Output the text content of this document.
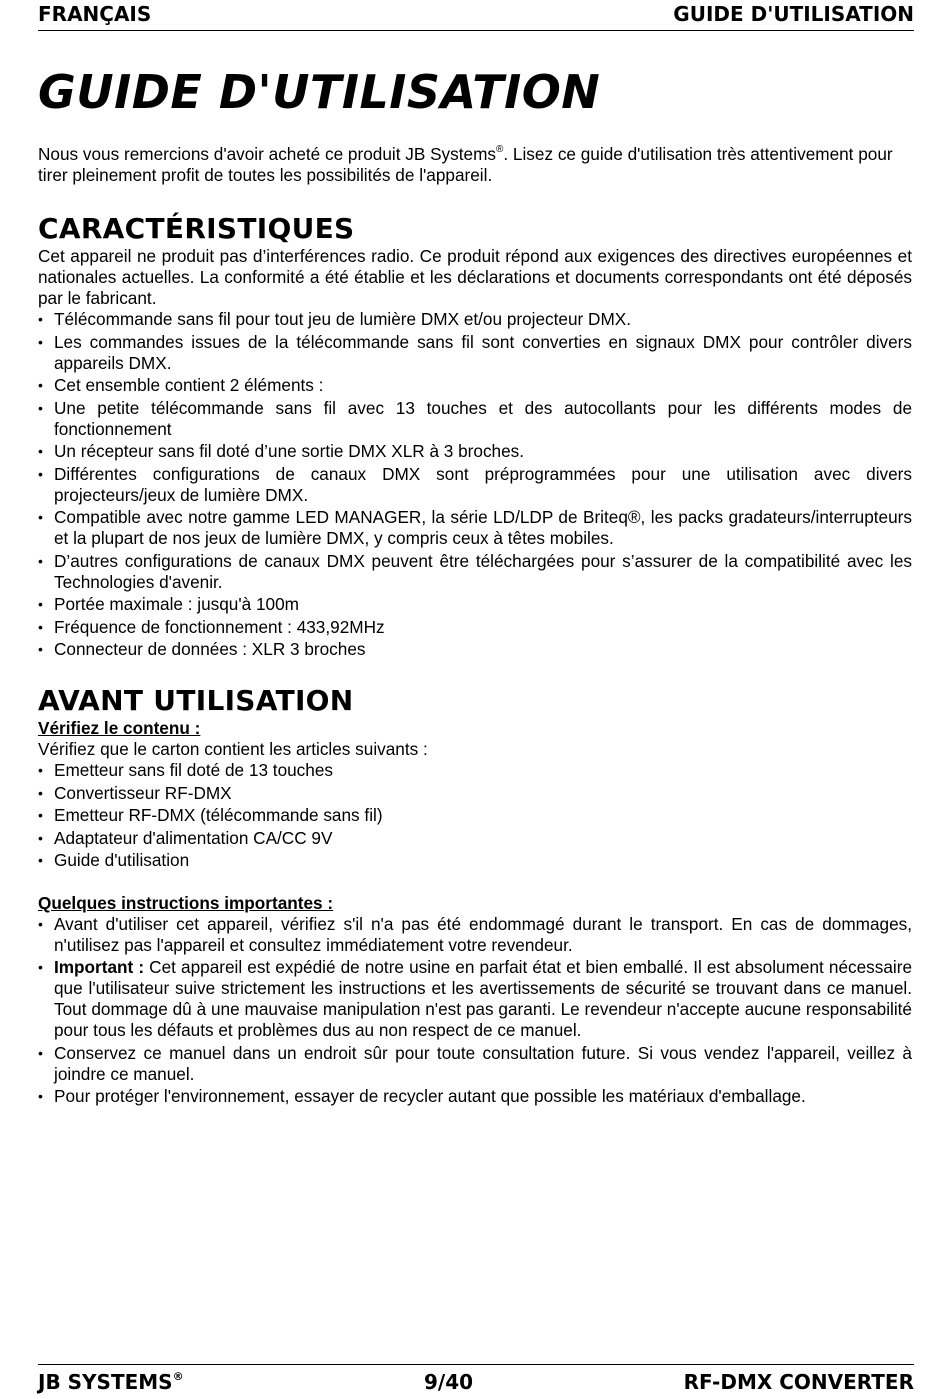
FRANÇAIS	GUIDE D'UTILISATION
GUIDE D'UTILISATION

Nous vous remercions d'avoir acheté ce produit JB Systems®. Lisez ce guide d'utilisation très attentivement pour tirer pleinement profit de toutes les possibilités de l'appareil.

CARACTÉRISTIQUES

Cet appareil ne produit pas d’interférences radio. Ce produit répond aux exigences des directives européennes et nationales actuelles. La conformité a été établie et les déclarations et documents correspondants ont été déposés par le fabricant.

• Télécommande sans fil pour tout jeu de lumière DMX et/ou projecteur DMX.
• Les commandes issues de la télécommande sans fil sont converties en signaux DMX pour contrôler divers appareils DMX.
• Cet ensemble contient 2 éléments :
• Une petite télécommande sans fil avec 13 touches et des autocollants pour les différents modes de fonctionnement
• Un récepteur sans fil doté d’une sortie DMX XLR à 3 broches.
• Différentes configurations de canaux DMX sont préprogrammées pour une utilisation avec divers projecteurs/jeux de lumière DMX.
• Compatible avec notre gamme LED MANAGER, la série LD/LDP de Briteq®, les packs gradateurs/interrupteurs et la plupart de nos jeux de lumière DMX, y compris ceux à têtes mobiles.
• D’autres configurations de canaux DMX peuvent être téléchargées pour s’assurer de la compatibilité avec les Technologies d'avenir.
• Portée maximale : jusqu'à 100m
• Fréquence de fonctionnement : 433,92MHz
• Connecteur de données : XLR 3 broches
AVANT UTILISATION

Vérifiez le contenu :

Vérifiez que le carton contient les articles suivants :

• Emetteur sans fil doté de 13 touches
• Convertisseur RF-DMX
• Emetteur RF-DMX (télécommande sans fil)
• Adaptateur d'alimentation CA/CC 9V
• Guide d'utilisation

Quelques instructions importantes :

• Avant d'utiliser cet appareil, vérifiez s'il n'a pas été endommagé durant le transport. En cas de dommages, n'utilisez pas l'appareil et consultez immédiatement votre revendeur.
• Important : Cet appareil est expédié de notre usine en parfait état et bien emballé. Il est absolument nécessaire que l'utilisateur suive strictement les instructions et les avertissements de sécurité se trouvant dans ce manuel. Tout dommage dû à une mauvaise manipulation n'est pas garanti. Le revendeur n'accepte aucune responsabilité pour tous les défauts et problèmes dus au non respect de ce manuel.
• Conservez ce manuel dans un endroit sûr pour toute consultation future. Si vous vendez l'appareil, veillez à joindre ce manuel.
• Pour protéger l'environnement, essayer de recycler autant que possible les matériaux d'emballage.
JB SYSTEMS®	9/40	RF-DMX CONVERTER
